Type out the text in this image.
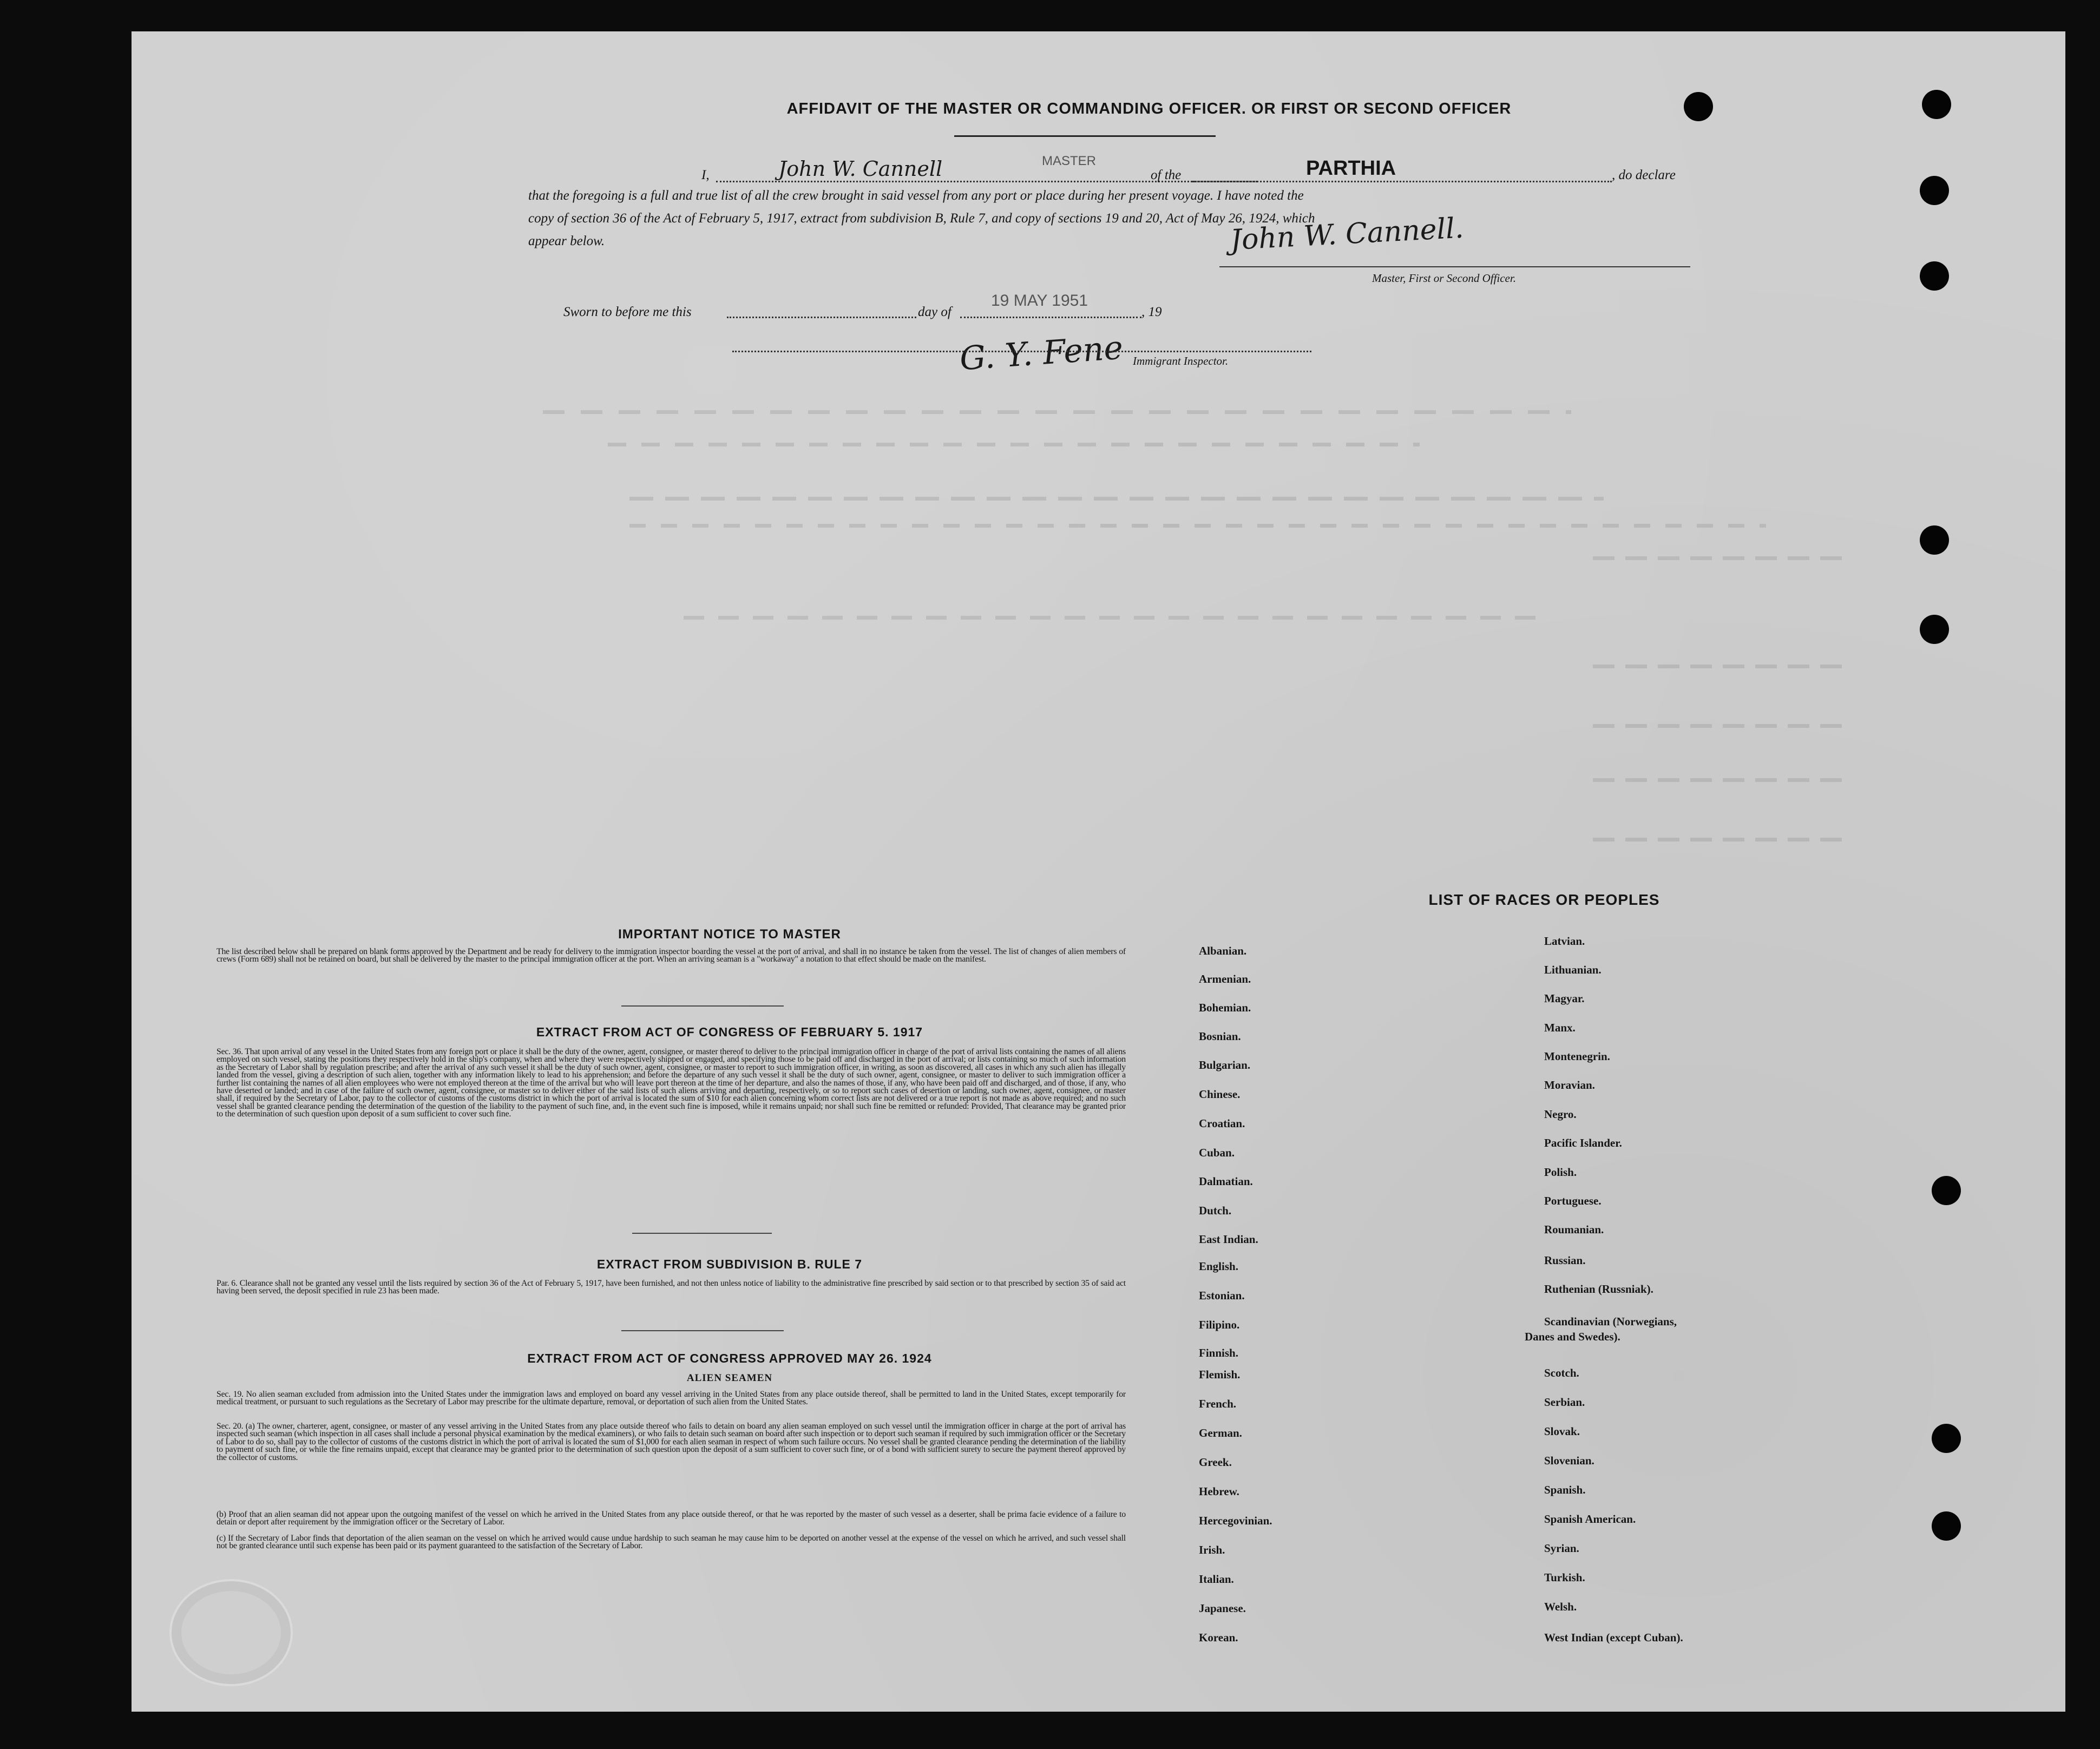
AFFIDAVIT OF THE MASTER OR COMMANDING OFFICER. OR FIRST OR SECOND OFFICER
I,	John W. Cannell	MASTER
of the	PARTHIA	, do declare
that the foregoing is a full and true list of all the crew brought in said vessel from any port or place during her present voyage. I have noted the
copy of section 36 of the Act of February 5, 1917, extract from subdivision B, Rule 7, and copy of sections 19 and 20, Act of May 26, 1924, which
appear below.	John W. Cannell.
Master, First or Second Officer.
Sworn to before me this	day of
19 MAY 1951
, 19
G. Y. Fene Immigrant Inspector.
IMPORTANT NOTICE TO MASTER
The list described below shall be prepared on blank forms approved by the Department and be ready for delivery to the immigration inspector boarding the vessel at the port of arrival, and shall in no instance be taken from the vessel. The list of changes of alien members of crews (Form 689) shall not be retained on board, but shall be delivered by the master to the principal immigration officer at the port. When an arriving seaman is a "workaway" a notation to that effect should be made on the manifest.
EXTRACT FROM ACT OF CONGRESS OF FEBRUARY 5. 1917
Sec. 36. That upon arrival of any vessel in the United States from any foreign port or place it shall be the duty of the owner, agent, consignee, or master thereof to deliver to the principal immigration officer in charge of the port of arrival lists containing the names of all aliens employed on such vessel, stating the positions they respectively hold in the ship's company, when and where they were respectively shipped or engaged, and specifying those to be paid off and discharged in the port of arrival; or lists containing so much of such information as the Secretary of Labor shall by regulation prescribe; and after the arrival of any such vessel it shall be the duty of such owner, agent, consignee, or master to report to such immigration officer, in writing, as soon as discovered, all cases in which any such alien has illegally landed from the vessel, giving a description of such alien, together with any information likely to lead to his apprehension; and before the departure of any such vessel it shall be the duty of such owner, agent, consignee, or master to deliver to such immigration officer a further list containing the names of all alien employees who were not employed thereon at the time of the arrival but who will leave port thereon at the time of her departure, and also the names of those, if any, who have been paid off and discharged, and of those, if any, who have deserted or landed; and in case of the failure of such owner, agent, consignee, or master so to deliver either of the said lists of such aliens arriving and departing, respectively, or so to report such cases of desertion or landing, such owner, agent, consignee, or master shall, if required by the Secretary of Labor, pay to the collector of customs of the customs district in which the port of arrival is located the sum of $10 for each alien concerning whom correct lists are not delivered or a true report is not made as above required; and no such vessel shall be granted clearance pending the determination of the question of the liability to the payment of such fine, and, in the event such fine is imposed, while it remains unpaid; nor shall such fine be remitted or refunded: Provided, That clearance may be granted prior to the determination of such question upon deposit of a sum sufficient to cover such fine.
EXTRACT FROM SUBDIVISION B. RULE 7
Par. 6. Clearance shall not be granted any vessel until the lists required by section 36 of the Act of February 5, 1917, have been furnished, and not then unless notice of liability to the administrative fine prescribed by said section or to that prescribed by section 35 of said act having been served, the deposit specified in rule 23 has been made.
EXTRACT FROM ACT OF CONGRESS APPROVED MAY 26. 1924
ALIEN SEAMEN
Sec. 19. No alien seaman excluded from admission into the United States under the immigration laws and employed on board any vessel arriving in the United States from any place outside thereof, shall be permitted to land in the United States, except temporarily for medical treatment, or pursuant to such regulations as the Secretary of Labor may prescribe for the ultimate departure, removal, or deportation of such alien from the United States.
Sec. 20. (a) The owner, charterer, agent, consignee, or master of any vessel arriving in the United States from any place outside thereof who fails to detain on board any alien seaman employed on such vessel until the immigration officer in charge at the port of arrival has inspected such seaman (which inspection in all cases shall include a personal physical examination by the medical examiners), or who fails to detain such seaman on board after such inspection or to deport such seaman if required by such immigration officer or the Secretary of Labor to do so, shall pay to the collector of customs of the customs district in which the port of arrival is located the sum of $1,000 for each alien seaman in respect of whom such failure occurs. No vessel shall be granted clearance pending the determination of the liability to payment of such fine, or while the fine remains unpaid, except that clearance may be granted prior to the determination of such question upon the deposit of a sum sufficient to cover such fine, or of a bond with sufficient surety to secure the payment thereof approved by the collector of customs.
(b) Proof that an alien seaman did not appear upon the outgoing manifest of the vessel on which he arrived in the United States from any place outside thereof, or that he was reported by the master of such vessel as a deserter, shall be prima facie evidence of a failure to detain or deport after requirement by the immigration officer or the Secretary of Labor.
(c) If the Secretary of Labor finds that deportation of the alien seaman on the vessel on which he arrived would cause undue hardship to such seaman he may cause him to be deported on another vessel at the expense of the vessel on which he arrived, and such vessel shall not be granted clearance until such expense has been paid or its payment guaranteed to the satisfaction of the Secretary of Labor.
LIST OF RACES OR PEOPLES
Albanian.
Armenian.
Bohemian.
Bosnian.
Bulgarian.
Chinese.
Croatian.
Cuban.
Dalmatian.
Dutch.
East Indian.
English.
Estonian.
Filipino.
Finnish.
Flemish.
French.
German.
Greek.
Hebrew.
Hercegovinian.
Irish.
Italian.
Japanese.
Korean.
Latvian.
Lithuanian.
Magyar.
Manx.
Montenegrin.
Moravian.
Negro.
Pacific Islander.
Polish.
Portuguese.
Roumanian.
Russian.
Ruthenian (Russniak).
Scandinavian (Norwegians,
Danes and Swedes).
Scotch.
Serbian.
Slovak.
Slovenian.
Spanish.
Spanish American.
Syrian.
Turkish.
Welsh.
West Indian (except Cuban).
